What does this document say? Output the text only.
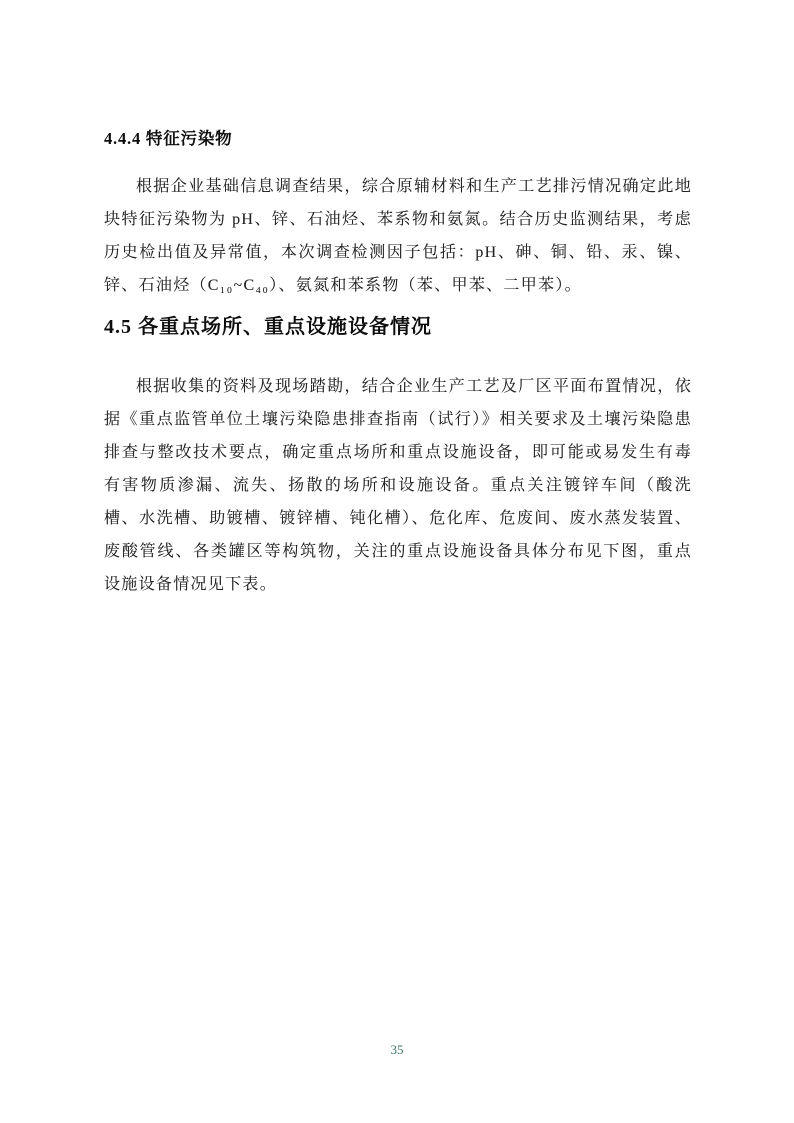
4.4.4 特征污染物

根据企业基础信息调查结果，综合原辅材料和生产工艺排污情况确定此地块特征污染物为 pH、锌、石油烃、苯系物和氨氮。结合历史监测结果，考虑历史检出值及异常值，本次调查检测因子包括：pH、砷、铜、铅、汞、镍、锌、石油烃（C₁₀~C₄₀）、氨氮和苯系物（苯、甲苯、二甲苯）。

4.5 各重点场所、重点设施设备情况

根据收集的资料及现场踏勘，结合企业生产工艺及厂区平面布置情况，依据《重点监管单位土壤污染隐患排查指南（试行）》相关要求及土壤污染隐患排查与整改技术要点，确定重点场所和重点设施设备，即可能或易发生有毒有害物质渗漏、流失、扬散的场所和设施设备。重点关注镀锌车间（酸洗槽、水洗槽、助镀槽、镀锌槽、钝化槽）、危化库、危废间、废水蒸发装置、废酸管线、各类罐区等构筑物，关注的重点设施设备具体分布见下图，重点设施设备情况见下表。

35
